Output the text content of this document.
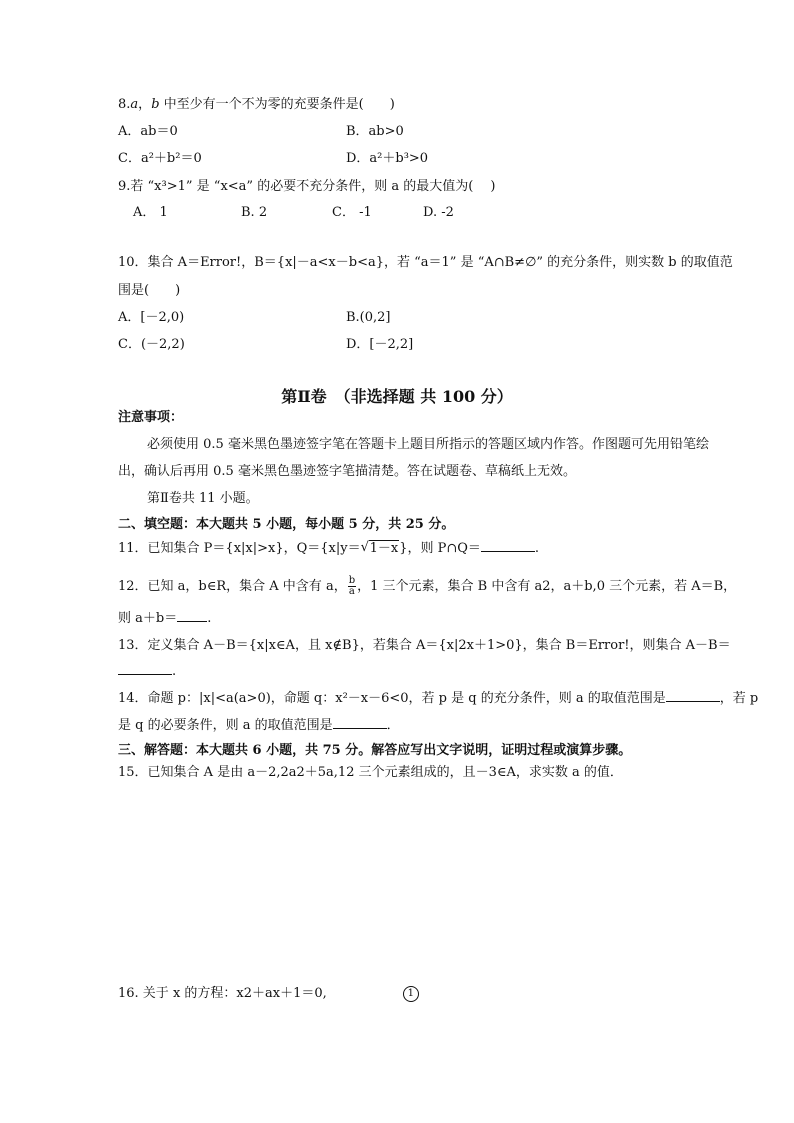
8.a，b 中至少有一个不为零的充要条件是(　　)
A．ab＝0	B．ab>0
C．a²＋b²＝0	D．a²＋b³>0
9.若 “x³>1” 是 “x<a” 的必要不充分条件，则 a 的最大值为(　 )
A． 1	B. 2	C． -1	D. -2
10．集合 A＝Error!，B＝{x|－a<x－b<a}，若 “a＝1” 是 “A∩B≠∅” 的充分条件，则实数 b 的取值范
围是(　　)
A．[－2,0)	B.(0,2]
C．(－2,2)	D．[－2,2]
第Ⅱ卷　（非选择题 共 100 分）
注意事项：
必须使用 0.5 毫米黑色墨迹签字笔在答题卡上题目所指示的答题区域内作答。作图题可先用铅笔绘
出，确认后再用 0.5 毫米黑色墨迹签字笔描清楚。答在试题卷、草稿纸上无效。
第Ⅱ卷共 11 小题。
二、填空题：本大题共 5 小题，每小题 5 分，共 25 分。
11．已知集合 P＝{x|x|>x}，Q＝{x|y＝ √ 1－x}，则 P∩Q＝	.
12．已知 a，b∈R，集合 A 中含有 a， $\frac{b}{a}$ ，1 三个元素，集合 B 中含有 a2，a＋b,0 三个元素，若 A＝B，
则 a＋b＝ .
13．定义集合 A－B＝{x|x∈A，且 x∉B}，若集合 A＝{x|2x＋1>0}，集合 B＝Error!，则集合 A－B＝
.
14．命题 p：|x|<a(a>0)，命题 q：x²－x－6<0，若 p 是 q 的充分条件，则 a 的取值范围是	，若 p
是 q 的必要条件，则 a 的取值范围是	．
三、解答题：本大题共 6 小题，共 75 分。解答应写出文字说明，证明过程或演算步骤。
15．已知集合 A 是由 a－2,2a2＋5a,12 三个元素组成的，且－3∈A，求实数 a 的值．
16. 关于 x 的方程：x2＋ax＋1＝0,	1
